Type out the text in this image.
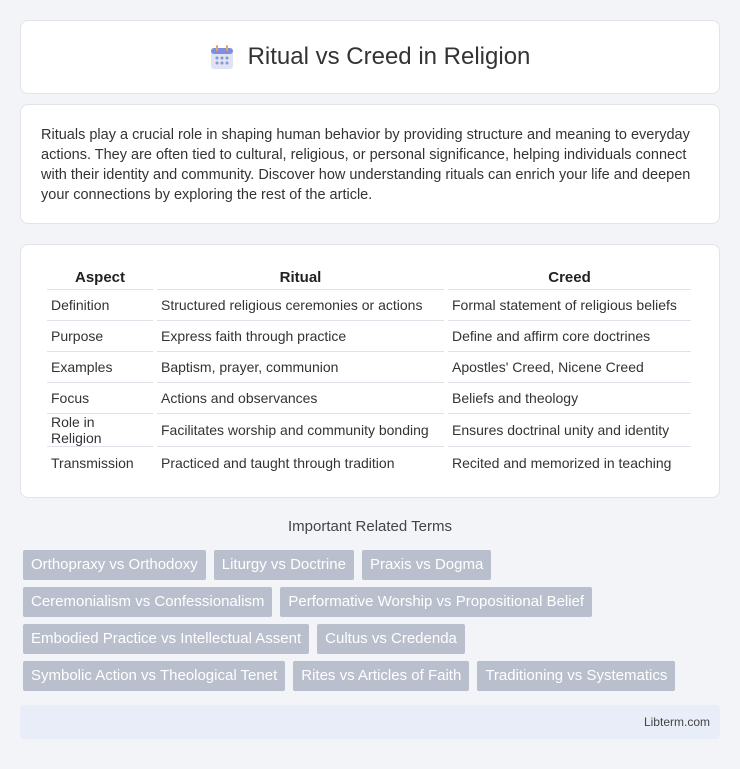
Ritual vs Creed in Religion

Rituals play a crucial role in shaping human behavior by providing structure and meaning to everyday actions. They are often tied to cultural, religious, or personal significance, helping individuals connect with their identity and community. Discover how understanding rituals can enrich your life and deepen your connections by exploring the rest of the article.

Aspect	Ritual	Creed
Definition	Structured religious ceremonies or actions	Formal statement of religious beliefs
Purpose	Express faith through practice	Define and affirm core doctrines
Examples	Baptism, prayer, communion	Apostles' Creed, Nicene Creed
Focus	Actions and observances	Beliefs and theology
Role in Religion	Facilitates worship and community bonding	Ensures doctrinal unity and identity
Transmission	Practiced and taught through tradition	Recited and memorized in teaching
Important Related Terms
Orthopraxy vs Orthodoxy	Liturgy vs Doctrine	Praxis vs Dogma
Ceremonialism vs Confessionalism	Performative Worship vs Propositional Belief
Embodied Practice vs Intellectual Assent	Cultus vs Credenda
Symbolic Action vs Theological Tenet	Rites vs Articles of Faith	Traditioning vs Systematics
Libterm.com
